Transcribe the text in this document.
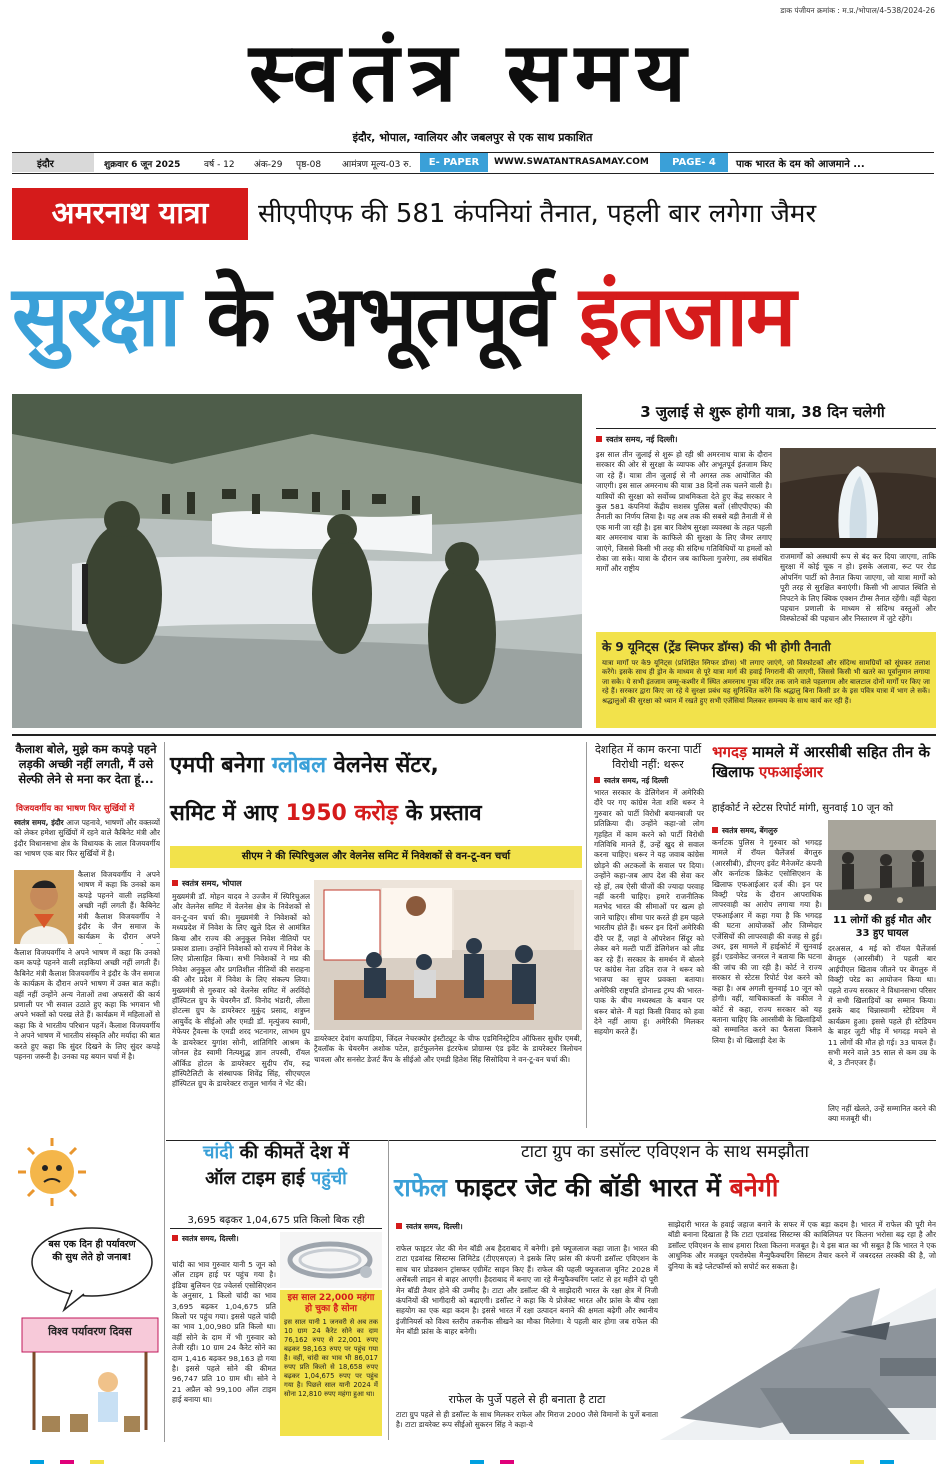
डाक पंजीयन क्रमांक : म.प्र./भोपाल/4-538/2024-26
स्वतंत्र समय
इंदौर, भोपाल, ग्वालियर और जबलपुर से एक साथ प्रकाशित
इंदौर	शुक्रवार 6 जून 2025	वर्ष - 12 अंक-29 पृष्ठ-08 आमंत्रण मूल्य-03 रु.	E- PAPER	WWW.SWATANTRASAMAY.COM	PAGE- 4	पाक भारत के दम को आजमाने ...
अमरनाथ यात्रा	सीएपीएफ की 581 कंपनियां तैनात, पहली बार लगेगा जैमर
सुरक्षा के अभूतपूर्व इंतजाम
3 जुलाई से शुरू होगी यात्रा, 38 दिन चलेगी
स्वतंत्र समय, नई दिल्ली।
इस साल तीन जुलाई से शुरू हो रही श्री अमरनाथ यात्रा के दौरान सरकार की ओर से सुरक्षा के व्यापक और अभूतपूर्व इंतजाम किए जा रहे हैं। यात्रा तीन जुलाई से नौ अगस्त तक आयोजित की जाएगी। इस साल अमरनाथ की यात्रा 38 दिनों तक चलने वाली है। यात्रियों की सुरक्षा को सर्वोच्च प्राथमिकता देते हुए केंद्र सरकार ने कुल 581 कंपनियां केंद्रीय सशस्त्र पुलिस बलों (सीएपीएफ) की तैनाती का निर्णय लिया है। यह अब तक की सबसे बड़ी तैनाती में से एक मानी जा रही है। इस बार विशेष सुरक्षा व्यवस्था के तहत पहली बार अमरनाथ यात्रा के काफिले की सुरक्षा के लिए जैमर लगाए जाएंगे, जिससे किसी भी तरह की संदिग्ध गतिविधियों या हमलों को रोका जा सके। यात्रा के दौरान जब काफिला गुजरेगा, तब संबंधित मार्गों और राष्ट्रीय
राजमार्गों को अस्थायी रूप से बंद कर दिया जाएगा, ताकि सुरक्षा में कोई चूक न हो। इसके अलावा, रूट पर रोड ओपनिंग पार्टी को तैनात किया जाएगा, जो यात्रा मार्गों को पूरी तरह से सुरक्षित बनाएंगी। किसी भी आपात स्थिति से निपटने के लिए क्विक एक्शन टीम्स तैनात रहेंगी। वहीं चेहरा पहचान प्रणाली के माध्यम से संदिग्ध वस्तुओं और विस्फोटकों की पहचान और निस्तारण में जुटे रहेंगे।
के 9 यूनिट्स (ट्रेंड स्निफर डॉग्स) की भी होगी तैनाती
यात्रा मार्गों पर के9 यूनिट्स (प्रशिक्षित स्निफर डॉग्स) भी लगाए जाएंगे, जो विस्फोटकों और संदिग्ध सामग्रियों को सूंघकर तलाश करेंगे। इसके साथ ही ड्रोन के माध्यम से पूरे यात्रा मार्ग की हवाई निगरानी की जाएगी, जिससे किसी भी खतरे का पूर्वानुमान लगाया जा सके। ये सभी इंतजाम जम्मू-कश्मीर में स्थित अमरनाथ गुफा मंदिर तक जाने वाले पहलगाम और बालटाल दोनों मार्गों पर किए जा रहे हैं। सरकार द्वारा किए जा रहे ये सुरक्षा प्रबंध यह सुनिश्चित करेंगे कि श्रद्धालु बिना किसी डर के इस पवित्र यात्रा में भाग ले सकें। श्रद्धालुओं की सुरक्षा को ध्यान में रखते हुए सभी एजेंसियां मिलकर समन्वय के साथ कार्य कर रही हैं।
कैलाश बोले, मुझे कम कपड़े पहने लड़की अच्छी नहीं लगती, मैं उसे सेल्फी लेने से मना कर देता हूं...
विजयवर्गीय का भाषण फिर सुर्खियों में
स्वतंत्र समय, इंदौर आज पहनावे, भाषणों और वक्तव्यों को लेकर हमेशा सुर्खियों में रहने वाले कैबिनेट मंत्री और इंदौर विधानसभा क्षेत्र के विधायक के लाल विजयवर्गीय का भाषण एक बार फिर सुर्खियों में है।
कैलाश विजयवर्गीय ने अपने भाषण में कहा कि उनको कम कपड़े पहनने वाली लड़कियां अच्छी नहीं लगती हैं। कैबिनेट मंत्री कैलाश विजयवर्गीय ने इंदौर के जैन समाज के कार्यक्रम के दौरान अपने
कैलाश विजयवर्गीय ने अपने भाषण में कहा कि उनको कम कपड़े पहनने वाली लड़कियां अच्छी नहीं लगती हैं। कैबिनेट मंत्री कैलाश विजयवर्गीय ने इंदौर के जैन समाज के कार्यक्रम के दौरान अपने भाषण में उक्त बात कही। वहीं नहीं उन्होंने अन्य नेताओं तथा अफसरों की कार्य प्रणाली पर भी सवाल उठाते हुए कहा कि भगवान भी अपने भक्तों को परख लेते हैं। कार्यक्रम में महिलाओं से कहा कि वे भारतीय परिधान पहनें। कैलाश विजयवर्गीय ने अपने भाषण में भारतीय संस्कृति और मर्यादा की बात करते हुए कहा कि सुंदर दिखने के लिए सुंदर कपड़े पहनना जरूरी है। उनका यह बयान चर्चा में है।
बस एक दिन ही पर्यावरण की सुध लेते हो जनाब!
विश्व पर्यावरण दिवस
एमपी बनेगा ग्लोबल वेलनेस सेंटर,
समिट में आए 1950 करोड़ के प्रस्ताव
सीएम ने की स्पिरिचुअल और वेलनेस समिट में निवेशकों से वन-टू-वन चर्चा
स्वतंत्र समय, भोपाल
मुख्यमंत्री डॉ. मोहन यादव ने उज्जैन में स्पिरिचुअल और वेलनेस समिट में वेलनेस क्षेत्र के निवेशकों से वन-टू-वन चर्चा की। मुख्यमंत्री ने निवेशकों को मध्यप्रदेश में निवेश के लिए खुले दिल से आमंत्रित किया और राज्य की अनुकूल निवेश नीतियों पर प्रकाश डाला। उन्होंने निवेशकों को राज्य में निवेश के लिए प्रोत्साहित किया। सभी निवेशकों ने मप्र की निवेश अनुकूल और प्रगतिशील नीतियों की सराहना की और प्रदेश में निवेश के लिए संकल्प लिया। मुख्यमंत्री से गुरुवार को वेलनेस समिट में अरविंदो हॉस्पिटल ग्रुप के चेयरमैन डॉ. विनोद भंडारी, लीला होटल्स ग्रुप के डायरेक्टर मुकुंद प्रसाद, शत्रुघ्न आयुर्वेद के सीईओ और एमडी डॉ. मृत्युंजय स्वामी, मेफेयर ट्रैवल्स के एमडी शरद भटनागर, लाभम ग्रुप के डायरेक्टर युगांश सोनी, शांतिगिरि आश्रम के जोनल हेड स्वामी नित्यशुद्ध ज्ञान तपस्वी, रॉयल ऑर्किड होटल के डायरेक्टर सुदीप रॉय, रुद्र हॉस्पिटैलिटी के संस्थापक शिवेंद्र सिंह, सीएचएल हॉस्पिटल ग्रुप के डायरेक्टर राजुल भार्गव ने भेंट की।
डायरेक्टर देवांग कपाड़िया, जिंदल नेचरक्योर इंस्टीट्यूट के चीफ एडमिनिस्ट्रेटिव ऑफिसर सुधीर एमबी, ट्रैवलॉक के चेयरमैन अशोक पटेल, हार्टफुलनेस इंटरफेथ प्रोग्राम्स एंड इवेंट के डायरेक्टर त्रिलोचन चावला और सनसेट डेजर्ट कैंप के सीईओ और एमडी हितेश सिंह सिसोदिया ने वन-टू-वन चर्चा की।
देशहित में काम करना पार्टी विरोधी नहीं: थरूर
स्वतंत्र समय, नई दिल्ली
भारत सरकार के डेलिगेशन में अमेरिकी दौरे पर गए कांग्रेस नेता शशि थरूर ने गुरुवार को पार्टी विरोधी बयानबाजी पर प्रतिक्रिया दी। उन्होंने कहा-जो लोग गृहहित में काम करने को पार्टी विरोधी गतिविधि मानते हैं, उन्हें खुद से सवाल करना चाहिए। थरूर ने यह जवाब कांग्रेस छोड़ने की अटकलों के सवाल पर दिया। उन्होंने कहा-जब आप देश की सेवा कर रहे हों, तब ऐसी चीजों की ज्यादा परवाह नहीं करनी चाहिए। हमारे राजनीतिक मतभेद भारत की सीमाओं पर खत्म हो जाने चाहिए। सीमा पार करते ही हम पहले भारतीय होते हैं। थरूर इन दिनों अमेरिकी दौरे पर हैं, जहां वे ऑपरेशन सिंदूर को लेकर बने मल्टी पार्टी डेलिगेशन को लीड कर रहे हैं। सरकार के समर्थन में बोलने पर कांग्रेस नेता उदित राज ने थरूर को भाजपा का सुपर प्रवक्ता बताया। अमेरिकी राष्ट्रपति डोनाल्ड ट्रम्प की भारत-पाक के बीच मध्यस्थता के बयान पर थरूर बोले- मैं यहां किसी विवाद को हवा देने नहीं आया हूं। अमेरिकी मिलकर सहयोग करते हैं।
भगदड़ मामले में आरसीबी सहित तीन के खिलाफ एफआईआर
हाईकोर्ट ने स्टेटस रिपोर्ट मांगी, सुनवाई 10 जून को
स्वतंत्र समय, बेंगलुरु
कर्नाटक पुलिस ने गुरुवार को भगदड़ मामले में रॉयल चैलेंजर्स बेंगलुरु (आरसीबी), डीएनए इवेंट मैनेजमेंट कंपनी और कर्नाटक क्रिकेट एसोसिएशन के खिलाफ एफआईआर दर्ज की। इन पर विक्ट्री परेड के दौरान आपराधिक लापरवाही का आरोप लगाया गया है। एफआईआर में कहा गया है कि भगदड़ की घटना आयोजकों और जिम्मेदार एजेंसियों की लापरवाही की वजह से हुई। उधर, इस मामले में हाईकोर्ट में सुनवाई हुई। एडवोकेट जनरल ने बताया कि घटना की जांच की जा रही है। कोर्ट ने राज्य सरकार से स्टेटस रिपोर्ट पेश करने को कहा है। अब अगली सुनवाई 10 जून को होगी। वहीं, याचिकाकर्ता के वकील ने कोर्ट से कहा, राज्य सरकार को यह बताना चाहिए कि आरसीबी के खिलाड़ियों को सम्मानित करने का फैसला किसने लिया है। वो खिलाड़ी देश के
11 लोगों की हुई मौत और 33 हुए घायल
दरअसल, 4 मई को रॉयल चैलेंजर्स बेंगलुरु (आरसीबी) ने पहली बार आईपीएल खिताब जीतने पर बेंगलुरु में विक्ट्री परेड का आयोजन किया था। पहले राज्य सरकार ने विधानसभा परिसर में सभी खिलाड़ियों का सम्मान किया। इसके बाद चिन्नास्वामी स्टेडियम में कार्यक्रम हुआ। इससे पहले ही स्टेडियम के बाहर जुटी भीड़ में भगदड़ मचने से 11 लोगों की मौत हो गई। 33 घायल हैं। सभी मरने वाले 35 साल से कम उम्र के थे, 3 टीनएजर हैं।
लिए नहीं खेलते, उन्हें सम्मानित करने की क्या मजबूरी थी।
चांदी की कीमतें देश में
ऑल टाइम हाई पहुंची
3,695 बढ़कर 1,04,675 प्रति किलो बिक रही
स्वतंत्र समय, दिल्ली।
चांदी का भाव गुरुवार यानी 5 जून को ऑल टाइम हाई पर पहुंच गया है। इंडिया बुलियन एंड ज्वेलर्स एसोसिएशन के अनुसार, 1 किलो चांदी का भाव 3,695 बढ़कर 1,04,675 प्रति किलो पर पहुंच गया। इससे पहले चांदी का भाव 1,00,980 प्रति किलो था। वहीं सोने के दाम में भी गुरुवार को तेजी रही। 10 ग्राम 24 कैरेट सोने का दाम 1,416 बढ़कर 98,163 हो गया है। इससे पहले सोने की कीमत 96,747 प्रति 10 ग्राम थी। सोने ने 21 अप्रैल को 99,100 ऑल टाइम हाई बनाया था।
इस साल 22,000 महंगा हो चुका है सोना
इस साल यानी 1 जनवरी से अब तक 10 ग्राम 24 कैरेट सोने का दाम 76,162 रुपए से 22,001 रुपए बढ़कर 98,163 रुपए पर पहुंच गया है। वहीं, चांदी का भाव भी 86,017 रुपए प्रति किलो से 18,658 रुपए बढ़कर 1,04,675 रुपए पर पहुंच गया है। पिछले साल यानी 2024 में सोना 12,810 रुपए महंगा हुआ था।
टाटा ग्रुप का डसॉल्ट एविएशन के साथ समझौता
राफेल फाइटर जेट की बॉडी भारत में बनेगी
स्वतंत्र समय, दिल्ली।
राफेल फाइटर जेट की मेन बॉडी अब हैदराबाद में बनेगी। इसे फ्यूजलाज कहा जाता है। भारत की टाटा एडवांस्ड सिस्टम्स लिमिटेड (टीएएसएल) ने इसके लिए फ्रांस की कंपनी डसॉल्ट एविएशन के साथ चार प्रोडक्शन ट्रांसफर एग्रीमेंट साइन किए हैं। राफेल की पहली फ्यूजलाज यूनिट 2028 में असेंबली लाइन से बाहर आएगी। हैदराबाद में बनाए जा रहे मैन्युफैक्चरिंग प्लांट से हर महीने दो पूरी मेन बॉडी तैयार होने की उम्मीद है। टाटा और डसॉल्ट की ये साझेदारी भारत के रक्षा क्षेत्र में निजी कंपनियों की भागीदारी को बढ़ाएगी। डसॉल्ट ने कहा कि ये प्रोजेक्ट भारत और फ्रांस के बीच रक्षा सहयोग का एक बड़ा कदम है। इससे भारत में रक्षा उत्पादन बनाने की क्षमता बढ़ेगी और स्थानीय इंजीनियर्स को विश्व स्तरीय तकनीक सीखने का मौका मिलेगा। ये पहली बार होगा जब राफेल की मेन बॉडी फ्रांस के बाहर बनेगी।
साझेदारी भारत के हवाई जहाज बनाने के सफर में एक बड़ा कदम है। भारत में राफेल की पूरी मेन बॉडी बनाना दिखाता है कि टाटा एडवांस्ड सिस्टम्स की काबिलियत पर कितना भरोसा बढ़ रहा है और डसॉल्ट एविएशन के साथ हमारा रिश्ता कितना मजबूत है। ये इस बात का भी सबूत है कि भारत ने एक आधुनिक और मजबूत एयरोस्पेस मैन्युफैक्चरिंग सिस्टम तैयार करने में जबरदस्त तरक्की की है, जो दुनिया के बड़े प्लेटफॉर्म्स को सपोर्ट कर सकता है।
राफेल के पुर्जे पहले से ही बनाता है टाटा
टाटा ग्रुप पहले से ही डसॉल्ट के साथ मिलकर राफेल और मिराज 2000 जैसे विमानों के पुर्जे बनाता है। टाटा डायरेक्ट रूप सीईओ सुकरन सिंह ने कहा-ये
